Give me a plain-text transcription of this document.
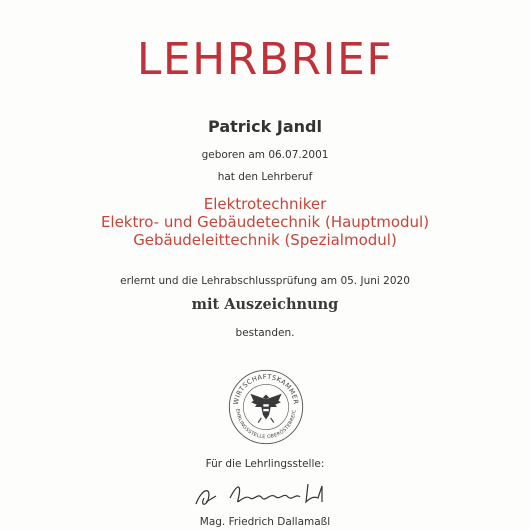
LEHRBRIEF
Patrick Jandl
geboren am 06.07.2001
hat den Lehrberuf
Elektrotechniker
Elektro- und Gebäudetechnik (Hauptmodul)
Gebäudeleittechnik (Spezialmodul)
erlernt und die Lehrabschlussprüfung am 05. Juni 2020
mit Auszeichnung
bestanden.
WIRTSCHAFTSKAMMER
EHRLINGSSTELLE OBERÖSTERREIC
Für die Lehrlingsstelle:
Mag. Friedrich Dallamaßl
